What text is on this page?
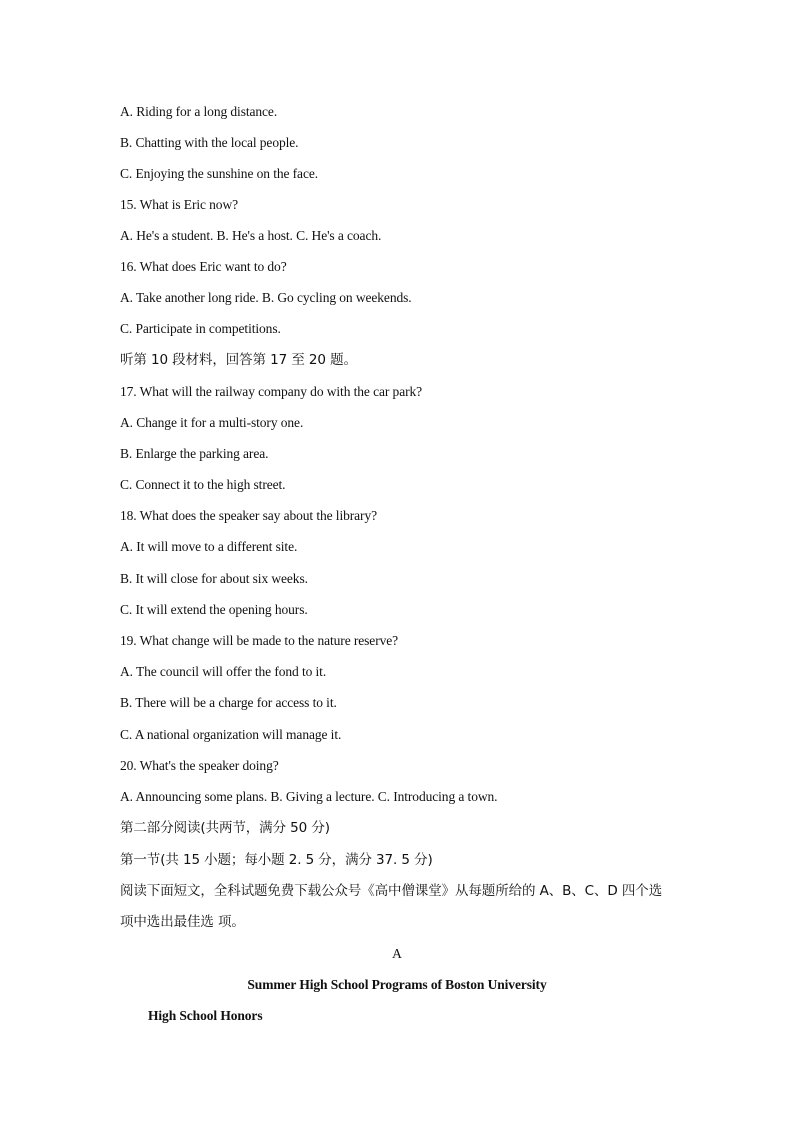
A. Riding for a long distance.
B. Chatting with the local people.
C. Enjoying the sunshine on the face.
15. What is Eric now?
A. He's a student. B. He's a host. C. He's a coach.
16. What does Eric want to do?
A. Take another long ride. B. Go cycling on weekends.
C. Participate in competitions.
听第 10 段材料，回答第 17 至 20 题。
17. What will the railway company do with the car park?
A. Change it for a multi-story one.
B. Enlarge the parking area.
C. Connect it to the high street.
18. What does the speaker say about the library?
A. It will move to a different site.
B. It will close for about six weeks.
C. It will extend the opening hours.
19. What change will be made to the nature reserve?
A. The council will offer the fond to it.
B. There will be a charge for access to it.
C. A national organization will manage it.
20. What's the speaker doing?
A. Announcing some plans. B. Giving a lecture. C. Introducing a town.
第二部分阅读(共两节，满分 50 分)
第一节(共 15 小题；每小题 2. 5 分，满分 37. 5 分)
阅读下面短文，全科试题免费下载公众号《高中僧课堂》从每题所给的 A、B、C、D 四个选
项中选出最佳选 项。
A
Summer High School Programs of Boston University
High School Honors
